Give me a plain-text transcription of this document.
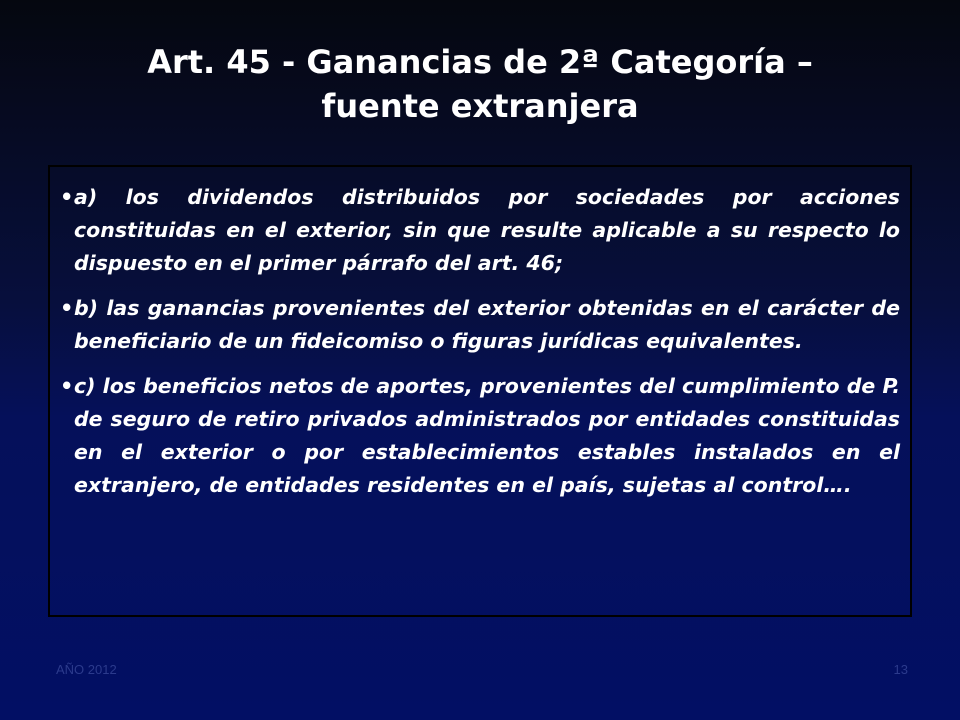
Art. 45 - Ganancias de 2ª Categoría –
fuente extranjera
• a) los dividendos distribuidos por sociedades por acciones constituidas en el exterior, sin que resulte aplicable a su respecto lo dispuesto en el primer párrafo del art. 46;
• b) las ganancias provenientes del exterior obtenidas en el carácter de beneficiario de un fideicomiso o figuras jurídicas equivalentes.
• c) los beneficios netos de aportes, provenientes del cumplimiento de P. de seguro de retiro privados administrados por entidades constituidas en el exterior o por establecimientos estables instalados en el extranjero, de entidades residentes en el país, sujetas al control….
AÑO 2012	13
